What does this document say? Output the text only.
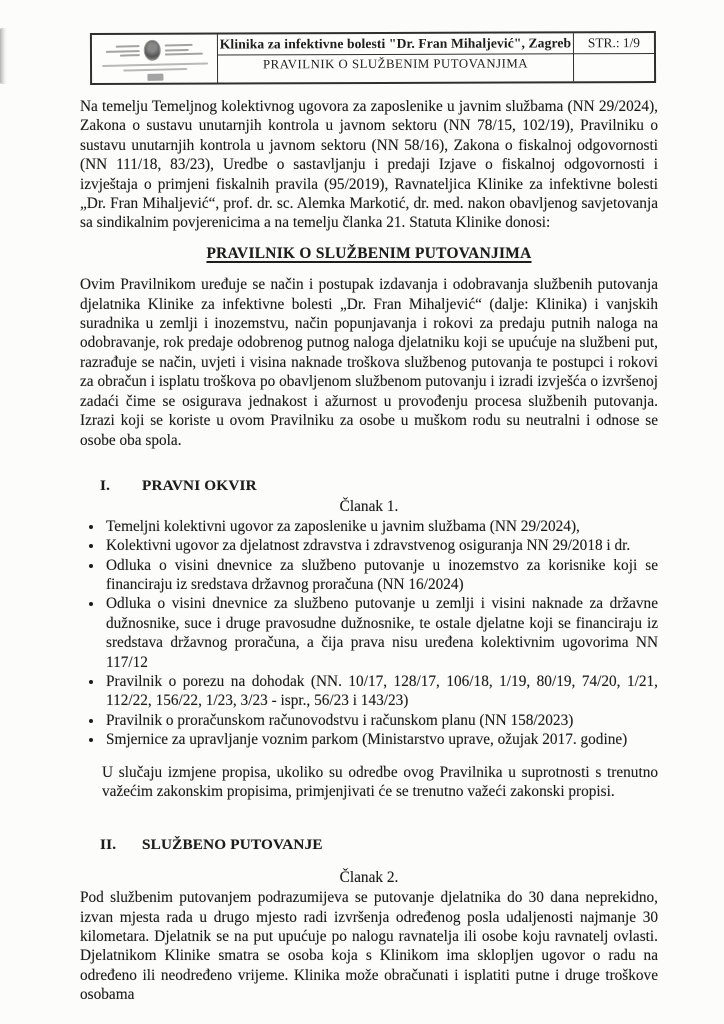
Klinika za infektivne bolesti "Dr. Fran Mihaljević", Zagreb
PRAVILNIK O SLUŽBENIM PUTOVANJIMA
STR.: 1/9

Na temelju Temeljnog kolektivnog ugovora za zaposlenike u javnim službama (NN 29/2024), Zakona o sustavu unutarnjih kontrola u javnom sektoru (NN 78/15, 102/19), Pravilniku o sustavu unutarnjih kontrola u javnom sektoru (NN 58/16), Zakona o fiskalnoj odgovornosti (NN 111/18, 83/23), Uredbe o sastavljanju i predaji Izjave o fiskalnoj odgovornosti i izvještaja o primjeni fiskalnih pravila (95/2019), Ravnateljica Klinike za infektivne bolesti „Dr. Fran Mihaljević“, prof. dr. sc. Alemka Markotić, dr. med. nakon obavljenog savjetovanja sa sindikalnim povjerenicima a na temelju članka 21. Statuta Klinike donosi:

PRAVILNIK O SLUŽBENIM PUTOVANJIMA

Ovim Pravilnikom uređuje se način i postupak izdavanja i odobravanja službenih putovanja djelatnika Klinike za infektivne bolesti „Dr. Fran Mihaljević“ (dalje: Klinika) i vanjskih suradnika u zemlji i inozemstvu, način popunjavanja i rokovi za predaju putnih naloga na odobravanje, rok predaje odobrenog putnog naloga djelatniku koji se upućuje na službeni put, razrađuje se način, uvjeti i visina naknade troškova službenog putovanja te postupci i rokovi za obračun i isplatu troškova po obavljenom službenom putovanju i izradi izvješća o izvršenoj zadaći čime se osigurava jednakost i ažurnost u provođenju procesa službenih putovanja. Izrazi koji se koriste u ovom Pravilniku za osobe u muškom rodu su neutralni i odnose se osobe oba spola.

I. PRAVNI OKVIR

Članak 1.

• Temeljni kolektivni ugovor za zaposlenike u javnim službama (NN 29/2024),
• Kolektivni ugovor za djelatnost zdravstva i zdravstvenog osiguranja NN 29/2018 i dr.
• Odluka o visini dnevnice za službeno putovanje u inozemstvo za korisnike koji se financiraju iz sredstava državnog proračuna (NN 16/2024)
• Odluka o visini dnevnice za službeno putovanje u zemlji i visini naknade za državne dužnosnike, suce i druge pravosudne dužnosnike, te ostale djelatne koji se financiraju iz sredstava državnog proračuna, a čija prava nisu uređena kolektivnim ugovorima NN 117/12
• Pravilnik o porezu na dohodak (NN. 10/17, 128/17, 106/18, 1/19, 80/19, 74/20, 1/21, 112/22, 156/22, 1/23, 3/23 - ispr., 56/23 i 143/23)
• Pravilnik o proračunskom računovodstvu i računskom planu (NN 158/2023)
• Smjernice za upravljanje voznim parkom (Ministarstvo uprave, ožujak 2017. godine)

U slučaju izmjene propisa, ukoliko su odredbe ovog Pravilnika u suprotnosti s trenutno važećim zakonskim propisima, primjenjivati će se trenutno važeći zakonski propisi.

II. SLUŽBENO PUTOVANJE

Članak 2.

Pod službenim putovanjem podrazumijeva se putovanje djelatnika do 30 dana neprekidno, izvan mjesta rada u drugo mjesto radi izvršenja određenog posla udaljenosti najmanje 30 kilometara. Djelatnik se na put upućuje po nalogu ravnatelja ili osobe koju ravnatelj ovlasti. Djelatnikom Klinike smatra se osoba koja s Klinikom ima sklopljen ugovor o radu na određeno ili neodređeno vrijeme. Klinika može obračunati i isplatiti putne i druge troškove osobama
